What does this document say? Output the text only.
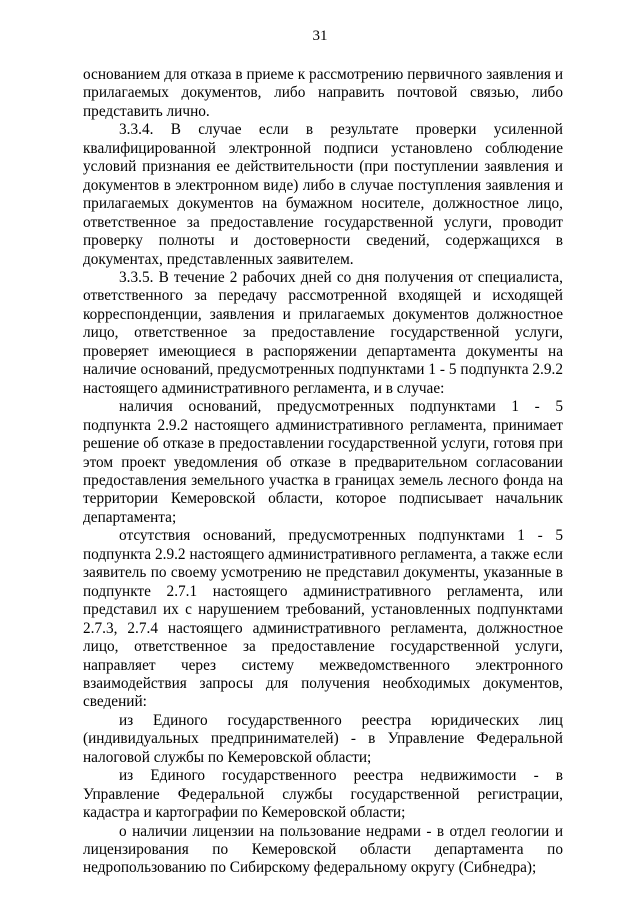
31

основанием для отказа в приеме к рассмотрению первичного заявления и прилагаемых документов, либо направить почтовой связью, либо представить лично.

3.3.4. В случае если в результате проверки усиленной квалифицированной электронной подписи установлено соблюдение условий признания ее действительности (при поступлении заявления и документов в электронном виде) либо в случае поступления заявления и прилагаемых документов на бумажном носителе, должностное лицо, ответственное за предоставление государственной услуги, проводит проверку полноты и достоверности сведений, содержащихся в документах, представленных заявителем.

3.3.5. В течение 2 рабочих дней со дня получения от специалиста, ответственного за передачу рассмотренной входящей и исходящей корреспонденции, заявления и прилагаемых документов должностное лицо, ответственное за предоставление государственной услуги, проверяет имеющиеся в распоряжении департамента документы на наличие оснований, предусмотренных подпунктами 1 - 5 подпункта 2.9.2 настоящего административного регламента, и в случае:

наличия оснований, предусмотренных подпунктами 1 - 5 подпункта 2.9.2 настоящего административного регламента, принимает решение об отказе в предоставлении государственной услуги, готовя при этом проект уведомления об отказе в предварительном согласовании предоставления земельного участка в границах земель лесного фонда на территории Кемеровской области, которое подписывает начальник департамента;

отсутствия оснований, предусмотренных подпунктами 1 - 5 подпункта 2.9.2 настоящего административного регламента, а также если заявитель по своему усмотрению не представил документы, указанные в подпункте 2.7.1 настоящего административного регламента, или представил их с нарушением требований, установленных подпунктами 2.7.3, 2.7.4 настоящего административного регламента, должностное лицо, ответственное за предоставление государственной услуги, направляет через систему межведомственного электронного взаимодействия запросы для получения необходимых документов, сведений:

из Единого государственного реестра юридических лиц (индивидуальных предпринимателей) - в Управление Федеральной налоговой службы по Кемеровской области;

из Единого государственного реестра недвижимости - в Управление Федеральной службы государственной регистрации, кадастра и картографии по Кемеровской области;

о наличии лицензии на пользование недрами - в отдел геологии и лицензирования по Кемеровской области департамента по недропользованию по Сибирскому федеральному округу (Сибнедра);
